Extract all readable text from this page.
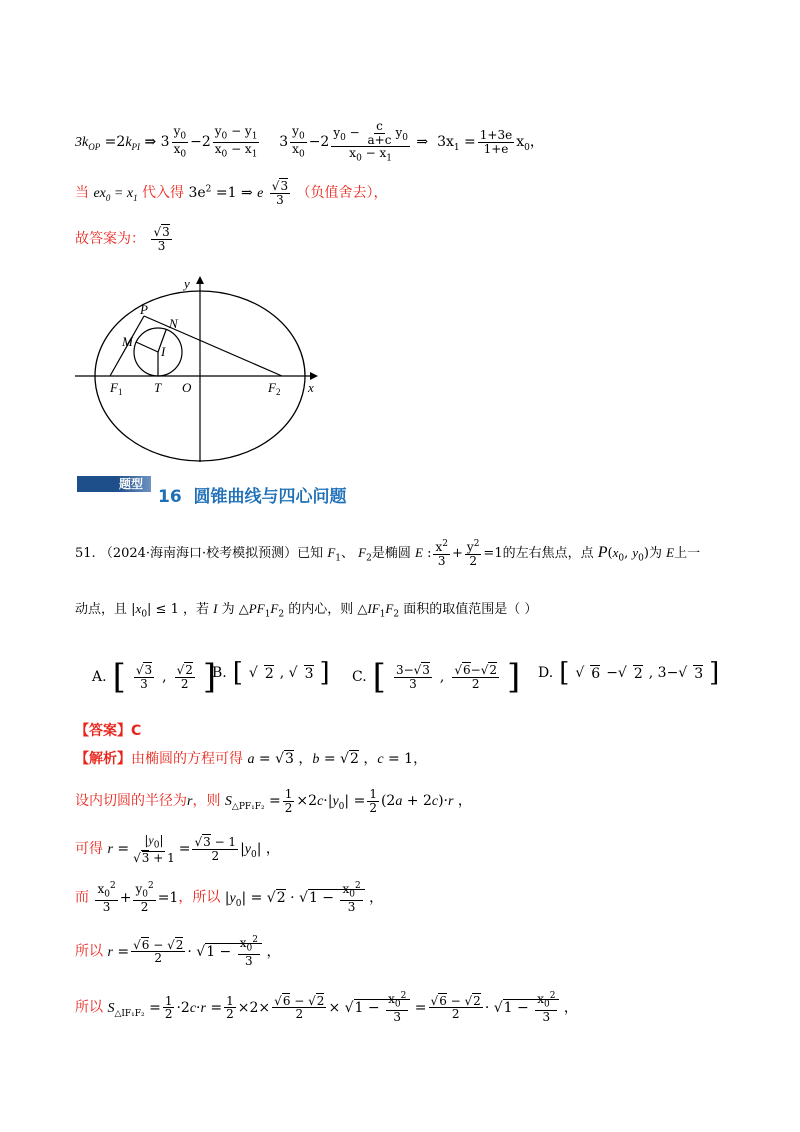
$3k_{OP} =2k_{PI}$ ⇒ $3 \frac{y_0}{x_0} -2 \frac{y_0 - y_1}{x_0 - x_1} 3 \frac{y_0}{x_0} -2 \frac{y_0 - \frac{c}{a+c} y_0}{x_0 - x_1}$ ⇒  $3x_1 = \frac{1+3e}{1+e} x_0$，
当 $ex_0 = x_1$ 代入得 $3e^2 =1$ ⇒ e $\frac{√3}{3}$ （负值舍去），
故答案为： $\frac{√3}{3}$
y
x
P
N
M
I
$F_1$ T O	$F_2$
题型
16 圆锥曲线与四心问题
51. （2024·海南海口·校考模拟预测）已知 $F_1$、 $F_2$是椭圆 E : $\frac{x^2}{3} + \frac{y^2}{2} =1$的左右焦点，点 $P(x_0$, $y_0$)为 E上一
动点，且 $|x_0| \le 1$ ，若 I 为 $\triangle PF_1F_2$ 的内心，则 $\triangle IF_1F_2$ 面积的取值范围是（ ）
A. [ $\frac{√3}{3}$ , $\frac{√2}{2}$ ]
B. [ √ 2 , √ 3 ] C. [ $\frac{3-√3}{3}$ , $\frac{√6-√2}{2}$ ] D. [ √ 6 −√ 2 , 3−√ 3 ]
【答案】C
【解析】由椭圆的方程可得 a = √3 ，b = √2 ，c = 1，
设内切圆的半径为r，则 $S_{\triangle PF_1F_2} = \frac{1}{2} \times 2c\cdot|y_0| = \frac{1}{2} (2a + 2c)\cdot r$ ，
可得 $r = \frac{|y_0|}{√3 + 1} = \frac{√3 - 1}{2} |y_0|$ ，
而 $\frac{x_0^2}{3} + \frac{y_0^2}{2} =1$，所以 $|y_0| = √2 \cdot √1 - \frac{x_0^2}{3}$ ，
所以 $r = \frac{√6 - √2}{2} \cdot √1 - \frac{x_0^2}{3}$ ，
所以 $S_{\triangle IF_1F_2} = \frac{1}{2} \cdot 2c\cdot r = \frac{1}{2} \times 2\times \frac{√6 - √2}{2} \times √1 - \frac{x_0^2}{3} = \frac{√6 - √2}{2} \cdot √1 - \frac{x_0^2}{3}$ ，
